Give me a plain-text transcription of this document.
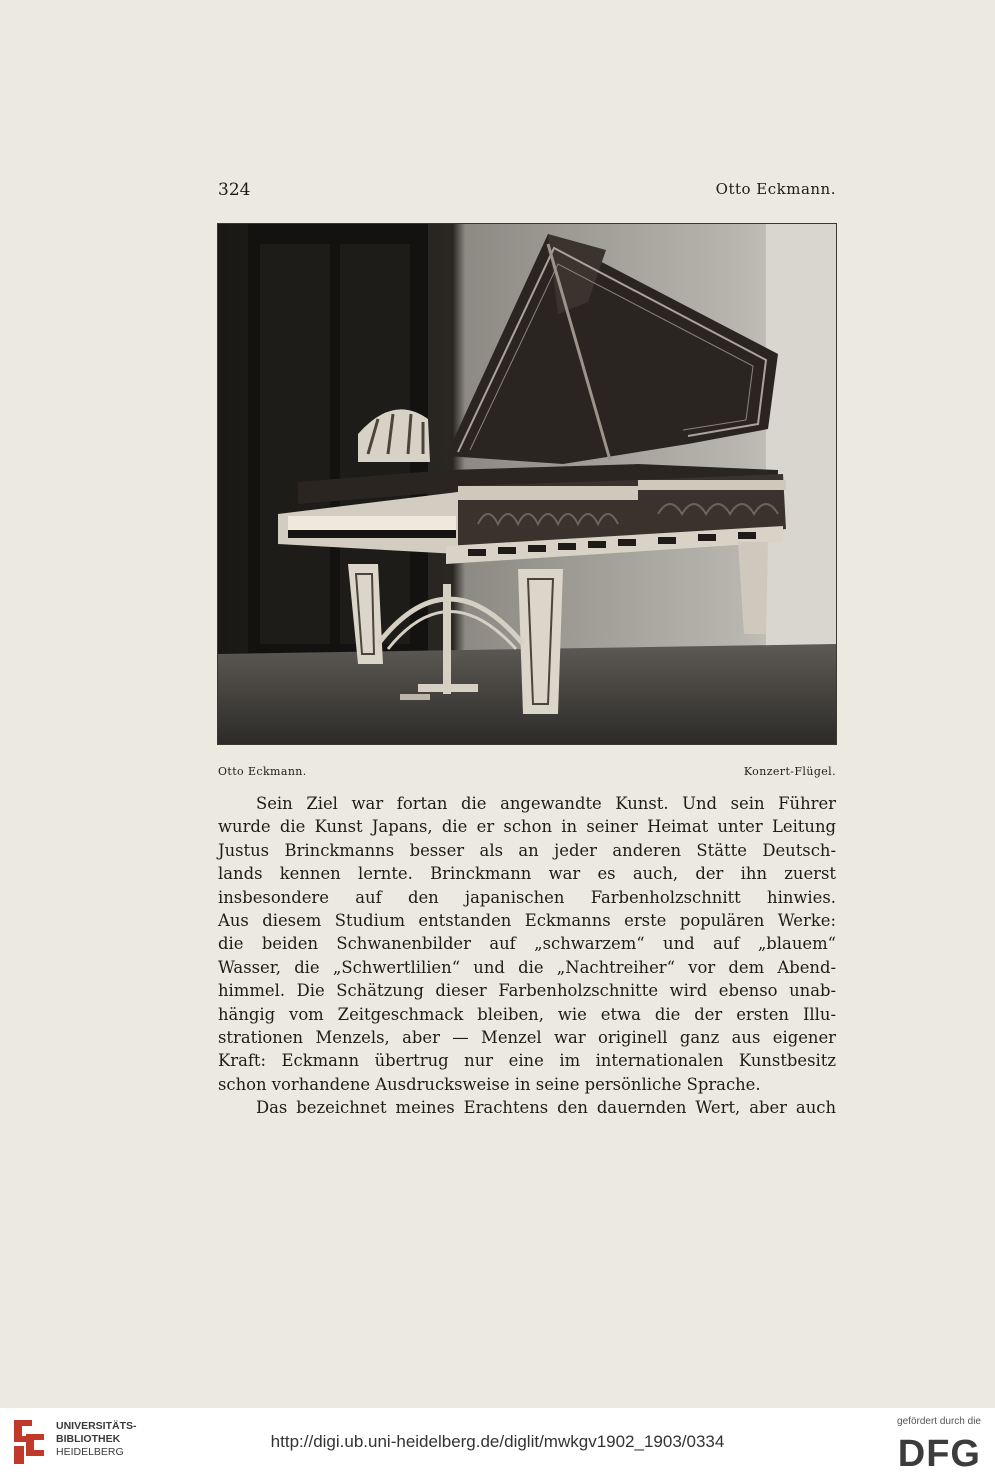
324	Otto Eckmann.
Otto Eckmann.	Konzert-Flügel.
Sein Ziel war fortan die angewandte Kunst. Und sein Führer
wurde die Kunst Japans, die er schon in seiner Heimat unter Leitung
Justus Brinckmanns besser als an jeder anderen Stätte Deutsch-
lands kennen lernte. Brinckmann war es auch, der ihn zuerst
insbesondere auf den japanischen Farbenholzschnitt hinwies.
Aus diesem Studium entstanden Eckmanns erste populären Werke:
die beiden Schwanenbilder auf „schwarzem“ und auf „blauem“
Wasser, die „Schwertlilien“ und die „Nachtreiher“ vor dem Abend-
himmel. Die Schätzung dieser Farbenholzschnitte wird ebenso unab-
hängig vom Zeitgeschmack bleiben, wie etwa die der ersten Illu-
strationen Menzels, aber — Menzel war originell ganz aus eigener
Kraft: Eckmann übertrug nur eine im internationalen Kunstbesitz
schon vorhandene Ausdrucksweise in seine persönliche Sprache.
Das bezeichnet meines Erachtens den dauernden Wert, aber auch
UNIVERSITÄTS-
BIBLIOTHEK
HEIDELBERG
http://digi.ub.uni-heidelberg.de/diglit/mwkgv1902_1903/0334
gefördert durch die
DFG
